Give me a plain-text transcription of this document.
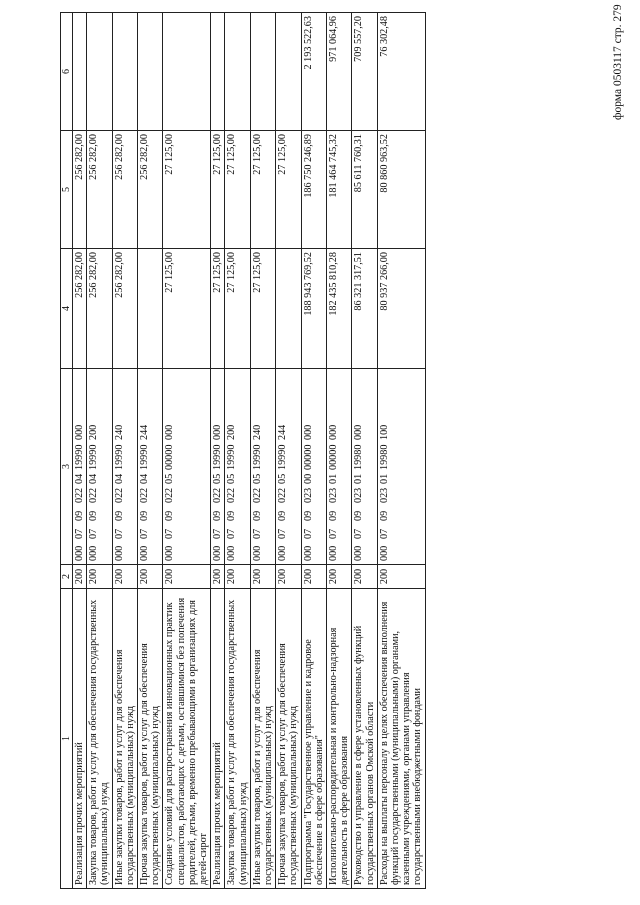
форма 0503117 стр. 279
1	2	3	4	5	6
Реализация прочих мероприятий	200	00007090220419990000	256 282,00	256 282,00	
Закупка товаров, работ и услуг для обеспечения государственных (муниципальных) нужд	200	00007090220419990200	256 282,00	256 282,00	
Иные закупки товаров, работ и услуг для обеспечения государственных (муниципальных) нужд	200	00007090220419990240	256 282,00	256 282,00	
Прочая закупка товаров, работ и услуг для обеспечения государственных (муниципальных) нужд	200	00007090220419990244		256 282,00	
Создание условий для распространения инновационных практик специалистов, работающих с детьми, оставшимися без попечения родителей, детьми, временно пребывающими в организациях для детей-сирот	200	00007090220500000000	27 125,00	27 125,00	
Реализация прочих мероприятий	200	00007090220519990000	27 125,00	27 125,00	
Закупка товаров, работ и услуг для обеспечения государственных (муниципальных) нужд	200	00007090220519990200	27 125,00	27 125,00	
Иные закупки товаров, работ и услуг для обеспечения государственных (муниципальных) нужд	200	00007090220519990240	27 125,00	27 125,00	
Прочая закупка товаров, работ и услуг для обеспечения государственных (муниципальных) нужд	200	00007090220519990244		27 125,00	
Подпрограмма "Государственное управление и кадровое обеспечение в сфере образования"	200	00007090230000000000	188 943 769,52	186 750 246,89	2 193 522,63
Исполнительно-распорядительная и контрольно-надзорная деятельность в сфере образования	200	00007090230100000000	182 435 810,28	181 464 745,32	971 064,96
Руководство и управление в сфере установленных функций государственных органов Омской области	200	00007090230119980000	86 321 317,51	85 611 760,31	709 557,20
Расходы на выплаты персоналу в целях обеспечения выполнения функций государственными (муниципальными) органами, казенными учреждениями, органами управления государственными внебюджетными фондами	200	00007090230119980100	80 937 266,00	80 860 963,52	76 302,48
